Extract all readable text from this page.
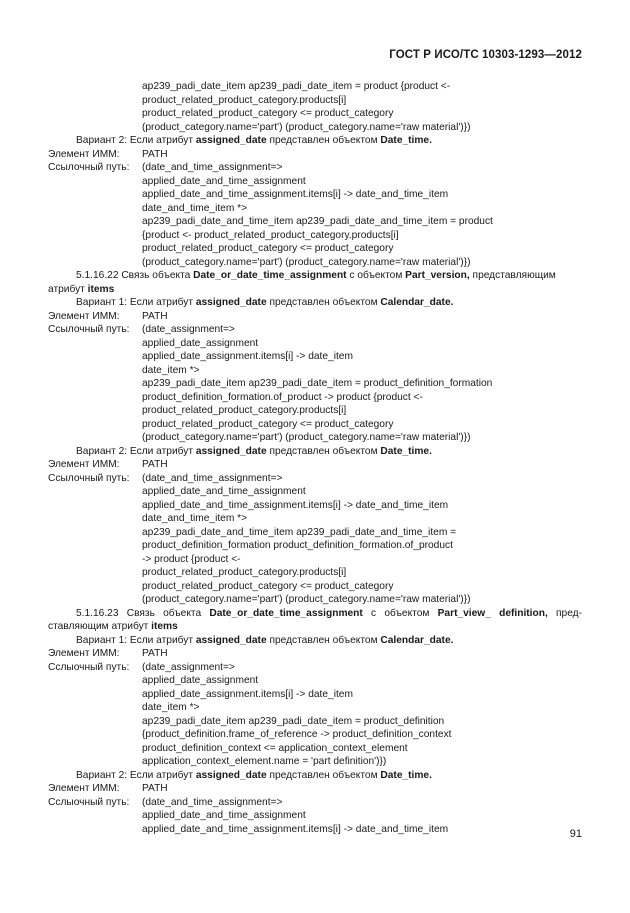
ГОСТ Р ИСО/ТС 10303-1293—2012
ap239_padi_date_item ap239_padi_date_item = product {product <-
product_related_product_category.products[i]
product_related_product_category <= product_category
(product_category.name='part') (product_category.name='raw material')})
Вариант 2: Если атрибут assigned_date представлен объектом Date_time.
Элемент ИММ: PATH
Ссылочный путь: (date_and_time_assignment=>
applied_date_and_time_assignment
applied_date_and_time_assignment.items[i] -> date_and_time_item
date_and_time_item *>
ap239_padi_date_and_time_item ap239_padi_date_and_time_item = product
{product <- product_related_product_category.products[i]
product_related_product_category <= product_category
(product_category.name='part') (product_category.name='raw material')})
5.1.16.22 Связь объекта Date_or_date_time_assignment с объектом Part_version, представляющим
атрибут items
Вариант 1: Если атрибут assigned_date представлен объектом Calendar_date.
Элемент ИММ: PATH
Ссылочный путь: (date_assignment=>
applied_date_assignment
applied_date_assignment.items[i] -> date_item
date_item *>
ap239_padi_date_item ap239_padi_date_item = product_definition_formation
product_definition_formation.of_product -> product {product <-
product_related_product_category.products[i]
product_related_product_category <= product_category
(product_category.name='part') (product_category.name='raw material')})
Вариант 2: Если атрибут assigned_date представлен объектом Date_time.
Элемент ИММ: PATH
Ссылочный путь: (date_and_time_assignment=>
applied_date_and_time_assignment
applied_date_and_time_assignment.items[i] -> date_and_time_item
date_and_time_item *>
ap239_padi_date_and_time_item ap239_padi_date_and_time_item =
product_definition_formation product_definition_formation.of_product
-> product {product <-
product_related_product_category.products[i]
product_related_product_category <= product_category
(product_category.name='part') (product_category.name='raw material')})
5.1.16.23 Связь объекта Date_or_date_time_assignment с объектом Part_view_ definition, пред-
ставляющим атрибут items
Вариант 1: Если атрибут assigned_date представлен объектом Calendar_date.
Элемент ИММ: PATH
Сслыочный путь: (date_assignment=>
applied_date_assignment
applied_date_assignment.items[i] -> date_item
date_item *>
ap239_padi_date_item ap239_padi_date_item = product_definition
{product_definition.frame_of_reference -> product_definition_context
product_definition_context <= application_context_element
application_context_element.name = 'part definition')})
Вариант 2: Если атрибут assigned_date представлен объектом Date_time.
Элемент ИММ: PATH
Сслыочный путь: (date_and_time_assignment=>
applied_date_and_time_assignment
applied_date_and_time_assignment.items[i] -> date_and_time_item	91
